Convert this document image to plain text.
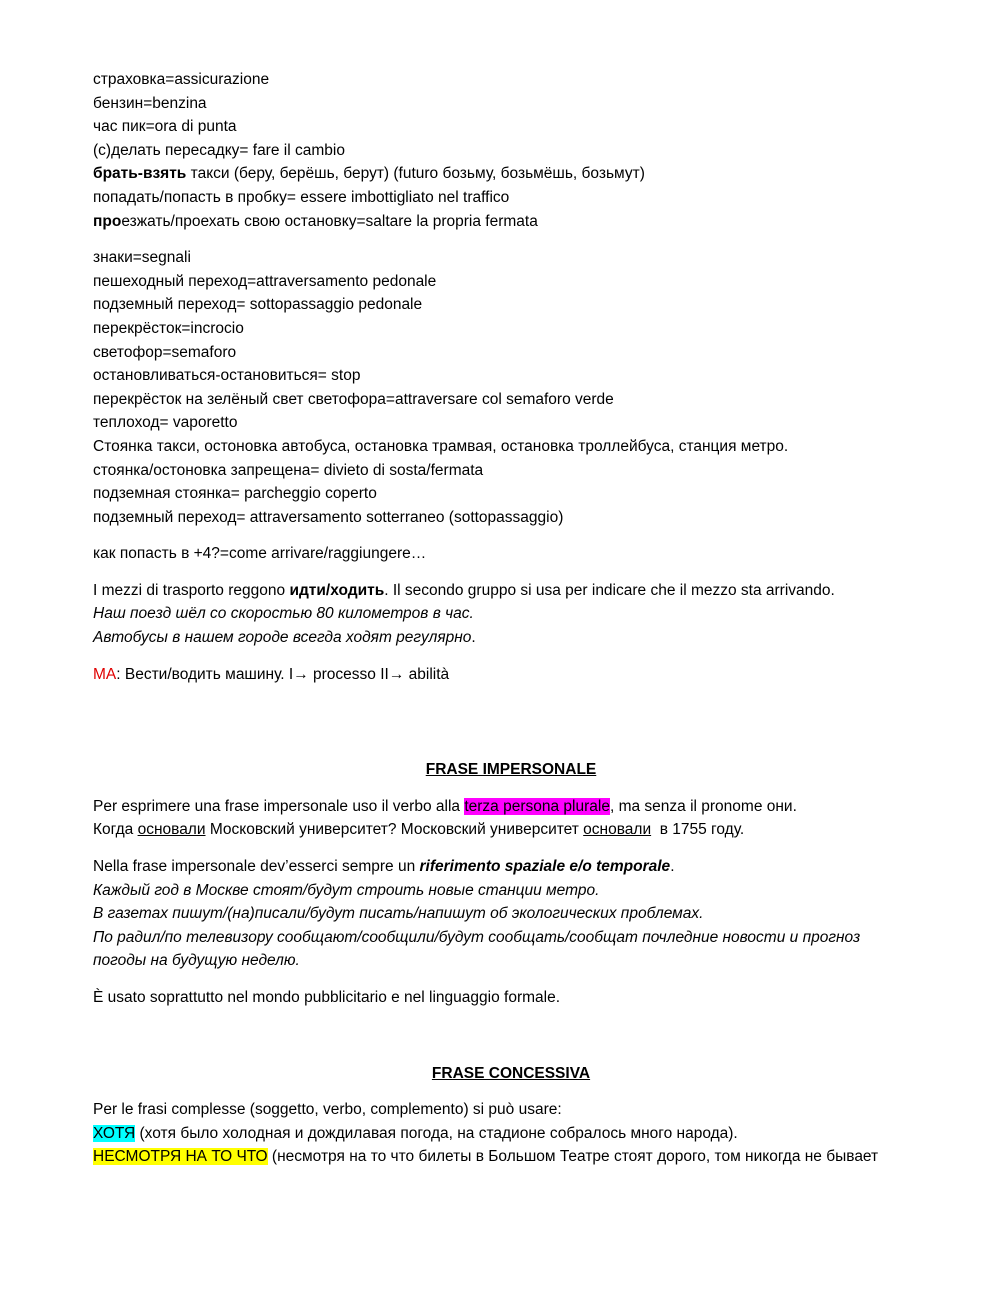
страховка=assicurazione
бензин=benzina
час пик=ora di punta
(с)делать пересадку= fare il cambio
брать-взять такси (беру, берёшь, берут) (futuro бозьму, бозьмёшь, бозьмут)
попадать/попасть в пробку= essere imbottigliato nel traffico
проезжать/проехать свою остановку=saltare la propria fermata
знаки=segnali
пешеходный переход=attraversamento pedonale
подземный переход= sottopassaggio pedonale
перекрёсток=incrocio
светофор=semaforo
остановливаться-остановиться= stop
перекрёсток на зелёный свет светофора=attraversare col semaforo verde
теплоход= vaporetto
Стоянка такси, остоновка автобуса, остановка трамвая, остановка троллейбуса, станция метро.
стоянка/остоновка запрещена= divieto di sosta/fermata
подземная стоянка= parcheggio coperto
подземный переход= attraversamento sotterraneo (sottopassaggio)
как попасть в +4?=come arrivare/raggiungere…
I mezzi di trasporto reggono идти/ходить. Il secondo gruppo si usa per indicare che il mezzo sta arrivando.
Наш поезд шёл со скоростью 80 километров в час.
Автобусы в нашем городе всегда ходят регулярно.
MA: Вести/водить машину. I→ processo II→ abilità
FRASE IMPERSONALE
Per esprimere una frase impersonale uso il verbo alla terza persona plurale, ma senza il pronome они.
Когда основали Московский университет? Московский университет основали  в 1755 году.
Nella frase impersonale dev’esserci sempre un riferimento spaziale e/o temporale.
Каждый год в Москве стоят/будут строить новые станции метро.
В газетах пишут/(на)писали/будут писать/напишут об экологических проблемах.
По радил/по телевизору сообщают/сообщили/будут сообщать/сообщат почледние новости и прогноз
погоды на будущую неделю.
È usato soprattutto nel mondo pubblicitario e nel linguaggio formale.
FRASE CONCESSIVA
Per le frasi complesse (soggetto, verbo, complemento) si può usare:
ХОТЯ (хотя было холодная и дождилавая погода, на стадионе собралось много народа).
НЕСМОТРЯ НА ТО ЧТО (несмотря на то что билеты в Большом Театре стоят дорого, том никогда не бывает
